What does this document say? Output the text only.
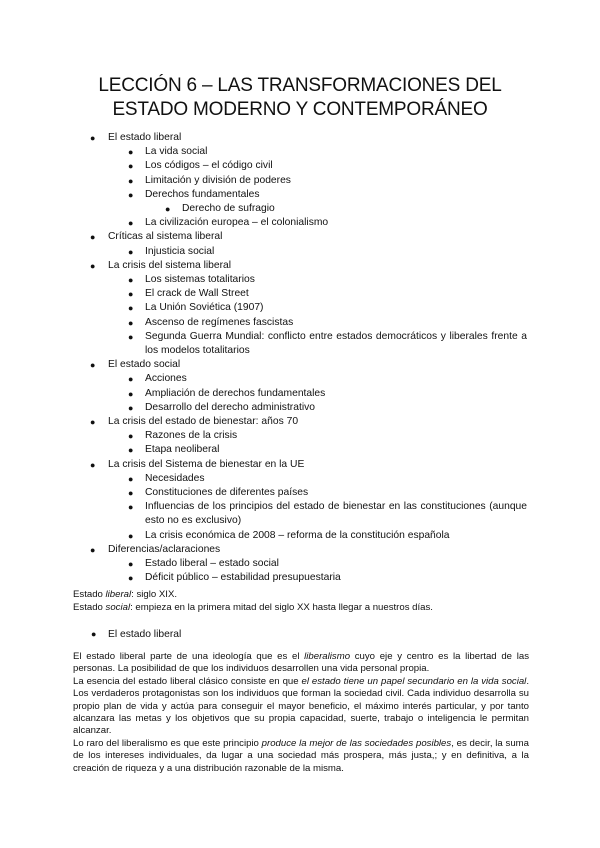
LECCIÓN 6 – LAS TRANSFORMACIONES DEL
ESTADO MODERNO Y CONTEMPORÁNEO
● El estado liberal
● La vida social
● Los códigos – el código civil
● Limitación y división de poderes
● Derechos fundamentales
● Derecho de sufragio
● La civilización europea – el colonialismo
● Críticas al sistema liberal
● Injusticia social
● La crisis del sistema liberal
● Los sistemas totalitarios
● El crack de Wall Street
● La Unión Soviética (1907)
● Ascenso de regímenes fascistas
● Segunda Guerra Mundial: conflicto entre estados democráticos y liberales frente a los modelos totalitarios
● El estado social
● Acciones
● Ampliación de derechos fundamentales
● Desarrollo del derecho administrativo
● La crisis del estado de bienestar: años 70
● Razones de la crisis
● Etapa neoliberal
● La crisis del Sistema de bienestar en la UE
● Necesidades
● Constituciones de diferentes países
● Influencias de los principios del estado de bienestar en las constituciones (aunque esto no es exclusivo)
● La crisis económica de 2008 – reforma de la constitución española
● Diferencias/aclaraciones
● Estado liberal – estado social
● Déficit público – estabilidad presupuestaria
Estado liberal: siglo XIX.
Estado social: empieza en la primera mitad del siglo XX hasta llegar a nuestros días.
● El estado liberal

El estado liberal parte de una ideología que es el liberalismo cuyo eje y centro es la libertad de las personas. La posibilidad de que los individuos desarrollen una vida personal propia.

La esencia del estado liberal clásico consiste en que el estado tiene un papel secundario en la vida social. Los verdaderos protagonistas son los individuos que forman la sociedad civil. Cada individuo desarrolla su propio plan de vida y actúa para conseguir el mayor beneficio, el máximo interés particular, y por tanto alcanzara las metas y los objetivos que su propia capacidad, suerte, trabajo o inteligencia le permitan alcanzar.

Lo raro del liberalismo es que este principio produce la mejor de las sociedades posibles, es decir, la suma de los intereses individuales, da lugar a una sociedad más prospera, más justa,; y en definitiva, a la creación de riqueza y a una distribución razonable de la misma.
